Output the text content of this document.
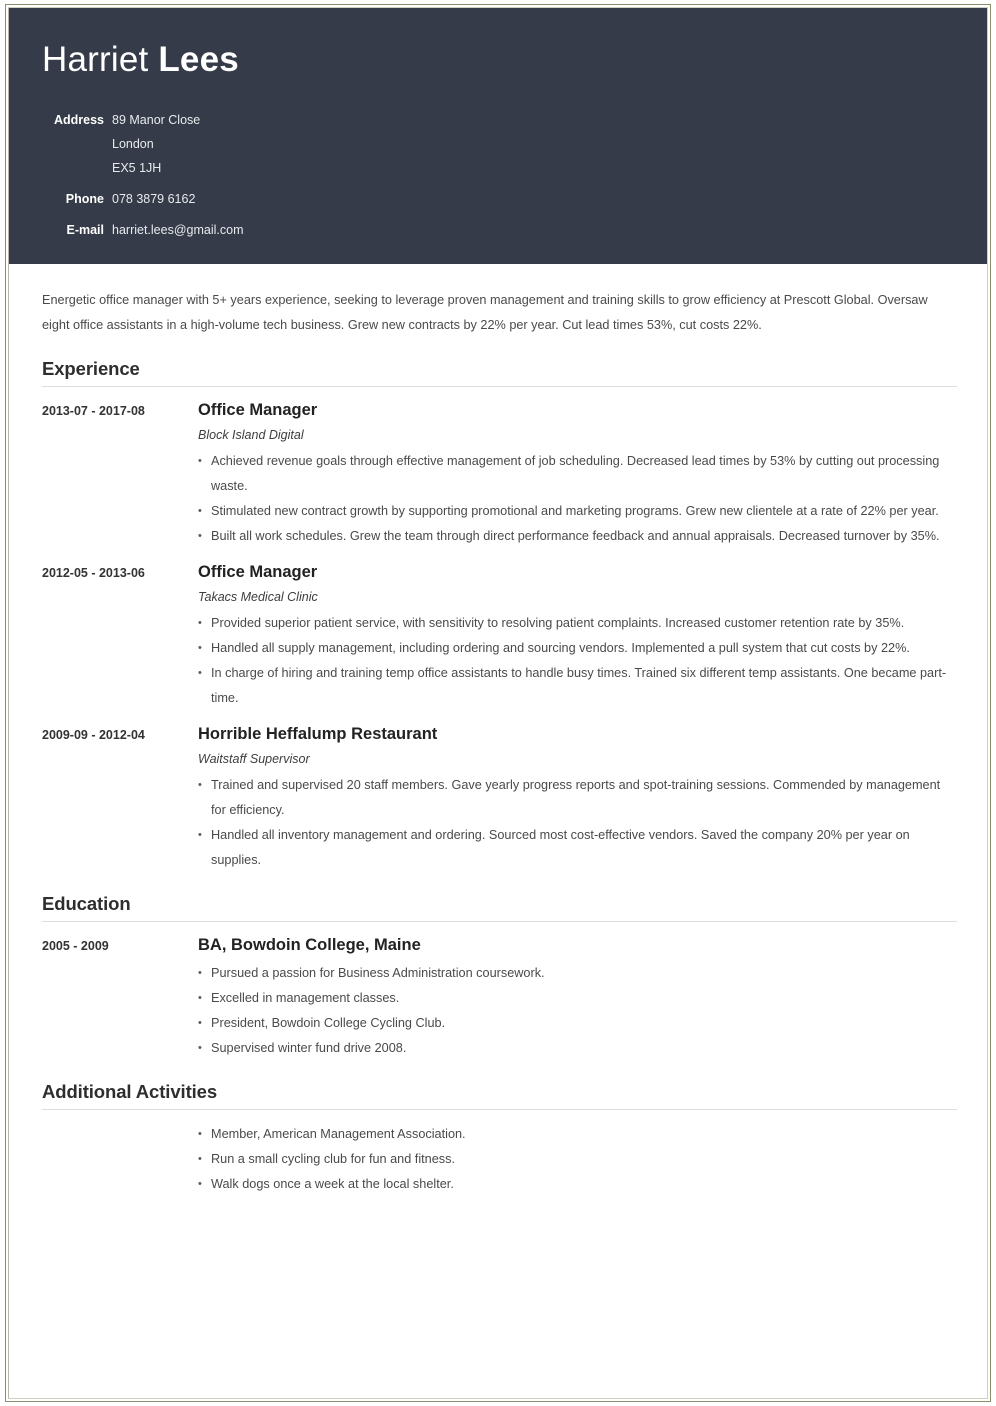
Harriet Lees
Address 89 Manor Close
London
EX5 1JH
Phone 078 3879 6162
E-mail harriet.lees@gmail.com
Energetic office manager with 5+ years experience, seeking to leverage proven management and training skills to grow efficiency at Prescott Global. Oversaw eight office assistants in a high-volume tech business. Grew new contracts by 22% per year. Cut lead times 53%, cut costs 22%.
Experience
2013-07 - 2017-08	Office Manager
Block Island Digital
• Achieved revenue goals through effective management of job scheduling. Decreased lead times by 53% by cutting out processing waste.
• Stimulated new contract growth by supporting promotional and marketing programs. Grew new clientele at a rate of 22% per year.
• Built all work schedules. Grew the team through direct performance feedback and annual appraisals. Decreased turnover by 35%.
2012-05 - 2013-06	Office Manager
Takacs Medical Clinic
• Provided superior patient service, with sensitivity to resolving patient complaints. Increased customer retention rate by 35%.
• Handled all supply management, including ordering and sourcing vendors. Implemented a pull system that cut costs by 22%.
• In charge of hiring and training temp office assistants to handle busy times. Trained six different temp assistants. One became part-time.
2009-09 - 2012-04	Horrible Heffalump Restaurant
Waitstaff Supervisor
• Trained and supervised 20 staff members. Gave yearly progress reports and spot-training sessions. Commended by management for efficiency.
• Handled all inventory management and ordering. Sourced most cost-effective vendors. Saved the company 20% per year on supplies.
Education
2005 - 2009	BA, Bowdoin College, Maine
• Pursued a passion for Business Administration coursework.
• Excelled in management classes.
• President, Bowdoin College Cycling Club.
• Supervised winter fund drive 2008.
Additional Activities
• Member, American Management Association.
• Run a small cycling club for fun and fitness.
• Walk dogs once a week at the local shelter.
